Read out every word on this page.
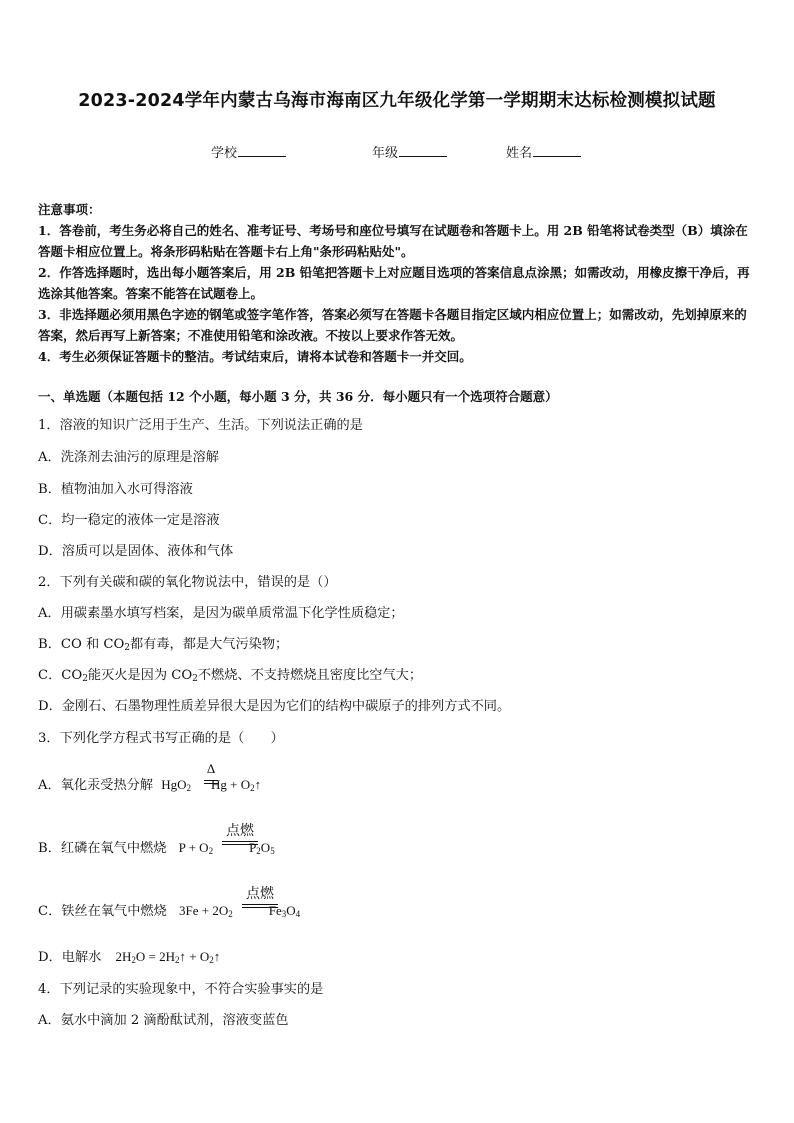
2023-2024学年内蒙古乌海市海南区九年级化学第一学期期末达标检测模拟试题
学校	年级	姓名
注意事项：
1．答卷前，考生务必将自己的姓名、准考证号、考场号和座位号填写在试题卷和答题卡上。用 2B 铅笔将试卷类型（B）填涂在答题卡相应位置上。将条形码粘贴在答题卡右上角"条形码粘贴处"。
2．作答选择题时，选出每小题答案后，用 2B 铅笔把答题卡上对应题目选项的答案信息点涂黑；如需改动，用橡皮擦干净后，再选涂其他答案。答案不能答在试题卷上。
3．非选择题必须用黑色字迹的钢笔或签字笔作答，答案必须写在答题卡各题目指定区域内相应位置上；如需改动，先划掉原来的答案，然后再写上新答案；不准使用铅笔和涂改液。不按以上要求作答无效。
4．考生必须保证答题卡的整洁。考试结束后，请将本试卷和答题卡一并交回。
一、单选题（本题包括 12 个小题，每小题 3 分，共 36 分．每小题只有一个选项符合题意）
1．溶液的知识广泛用于生产、生活。下列说法正确的是
A．洗涤剂去油污的原理是溶解
B．植物油加入水可得溶液
C．均一稳定的液体一定是溶液
D．溶质可以是固体、液体和气体
2．下列有关碳和碳的氧化物说法中，错误的是（）
A．用碳素墨水填写档案，是因为碳单质常温下化学性质稳定；
B．CO 和 $CO_2$都有毒，都是大气污染物；
C．$CO_2$能灭火是因为 $CO_2$不燃烧、不支持燃烧且密度比空气大；
D．金刚石、石墨物理性质差异很大是因为它们的结构中碳原子的排列方式不同。
3．下列化学方程式书写正确的是（　　）
A．氧化汞受热分解 HgO$_2$ $Hg + O_2↑$
Δ
B．红磷在氧气中燃烧 $P + O_2$	$P_2O_5$
点燃
C．铁丝在氧气中燃烧 $3Fe + 2O_2$	$Fe_3O_4$
点燃
D．电解水 $2H_2O$ = $2H_2↑$ + $O_2↑$
4．下列记录的实验现象中，不符合实验事实的是
A．氨水中滴加 2 滴酚酞试剂，溶液变蓝色
